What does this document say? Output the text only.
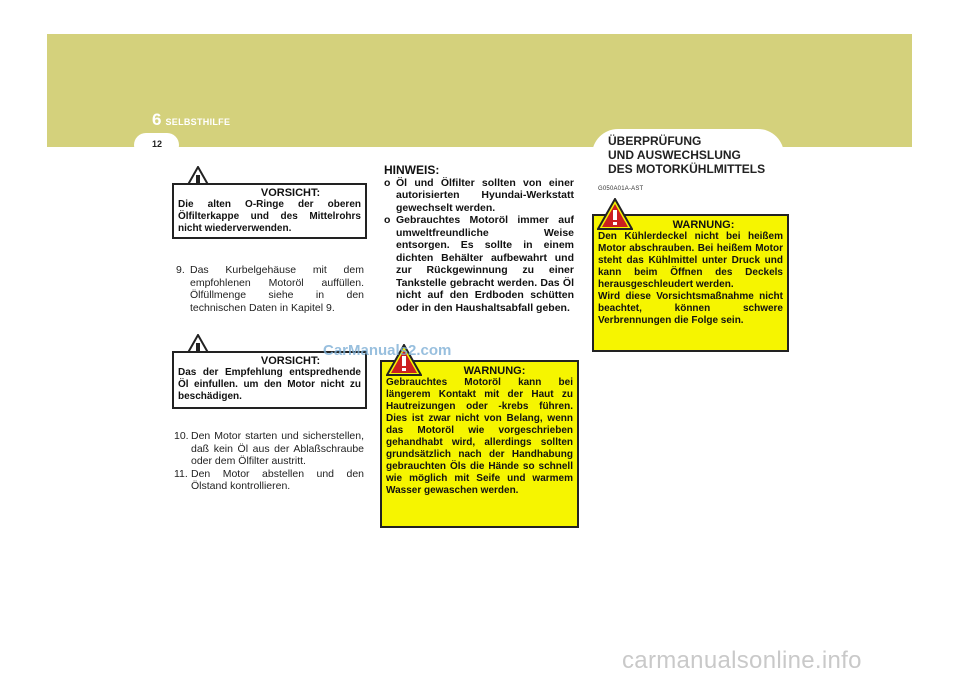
6 SELBSTHILFE
12	ÜBERPRÜFUNG
UND AUSWECHSLUNG
DES MOTORKÜHLMITTELS

G050A01A-AST

VORSICHT:

Die alten O-Ringe der oberen Ölfilterkappe und des Mittelrohrs nicht wiederverwenden.

9. Das Kurbelgehäuse mit dem empfohlenen Motoröl auffüllen. Ölfüllmenge siehe in den technischen Daten in Kapitel 9.

VORSICHT:

Das der Empfehlung entspredhende Öl einfullen. um den Motor nicht zu beschädigen.

10. Den Motor starten und sicherstellen, daß kein Öl aus der Ablaßschraube oder dem Ölfilter austritt.
11. Den Motor abstellen und den Ölstand kontrollieren.

HINWEIS:

o Öl und Ölfilter sollten von einer autorisierten Hyundai-Werkstatt gewechselt werden.
o Gebrauchtes Motoröl immer auf umweltfreundliche Weise entsorgen. Es sollte in einem dichten Behälter aufbewahrt und zur Rückgewinnung zu einer Tankstelle gebracht werden. Das Öl nicht auf den Erdboden schütten oder in den Haushaltsabfall geben.

WARNUNG:

Gebrauchtes Motoröl kann bei längerem Kontakt mit der Haut zu Hautreizungen oder -krebs führen. Dies ist zwar nicht von Belang, wenn das Motoröl wie vorgeschrieben gehandhabt wird, allerdings sollten grundsätzlich nach der Handhabung gebrauchten Öls die Hände so schnell wie möglich mit Seife und warmem Wasser gewaschen werden.

WARNUNG:

Den Kühlerdeckel nicht bei heißem Motor abschrauben. Bei heißem Motor steht das Kühlmittel unter Druck und kann beim Öffnen des Deckels herausgeschleudert werden.
Wird diese Vorsichtsmaßnahme nicht beachtet, können schwere Verbrennungen die Folge sein.

CarManuals2.com
carmanualsonline.info
